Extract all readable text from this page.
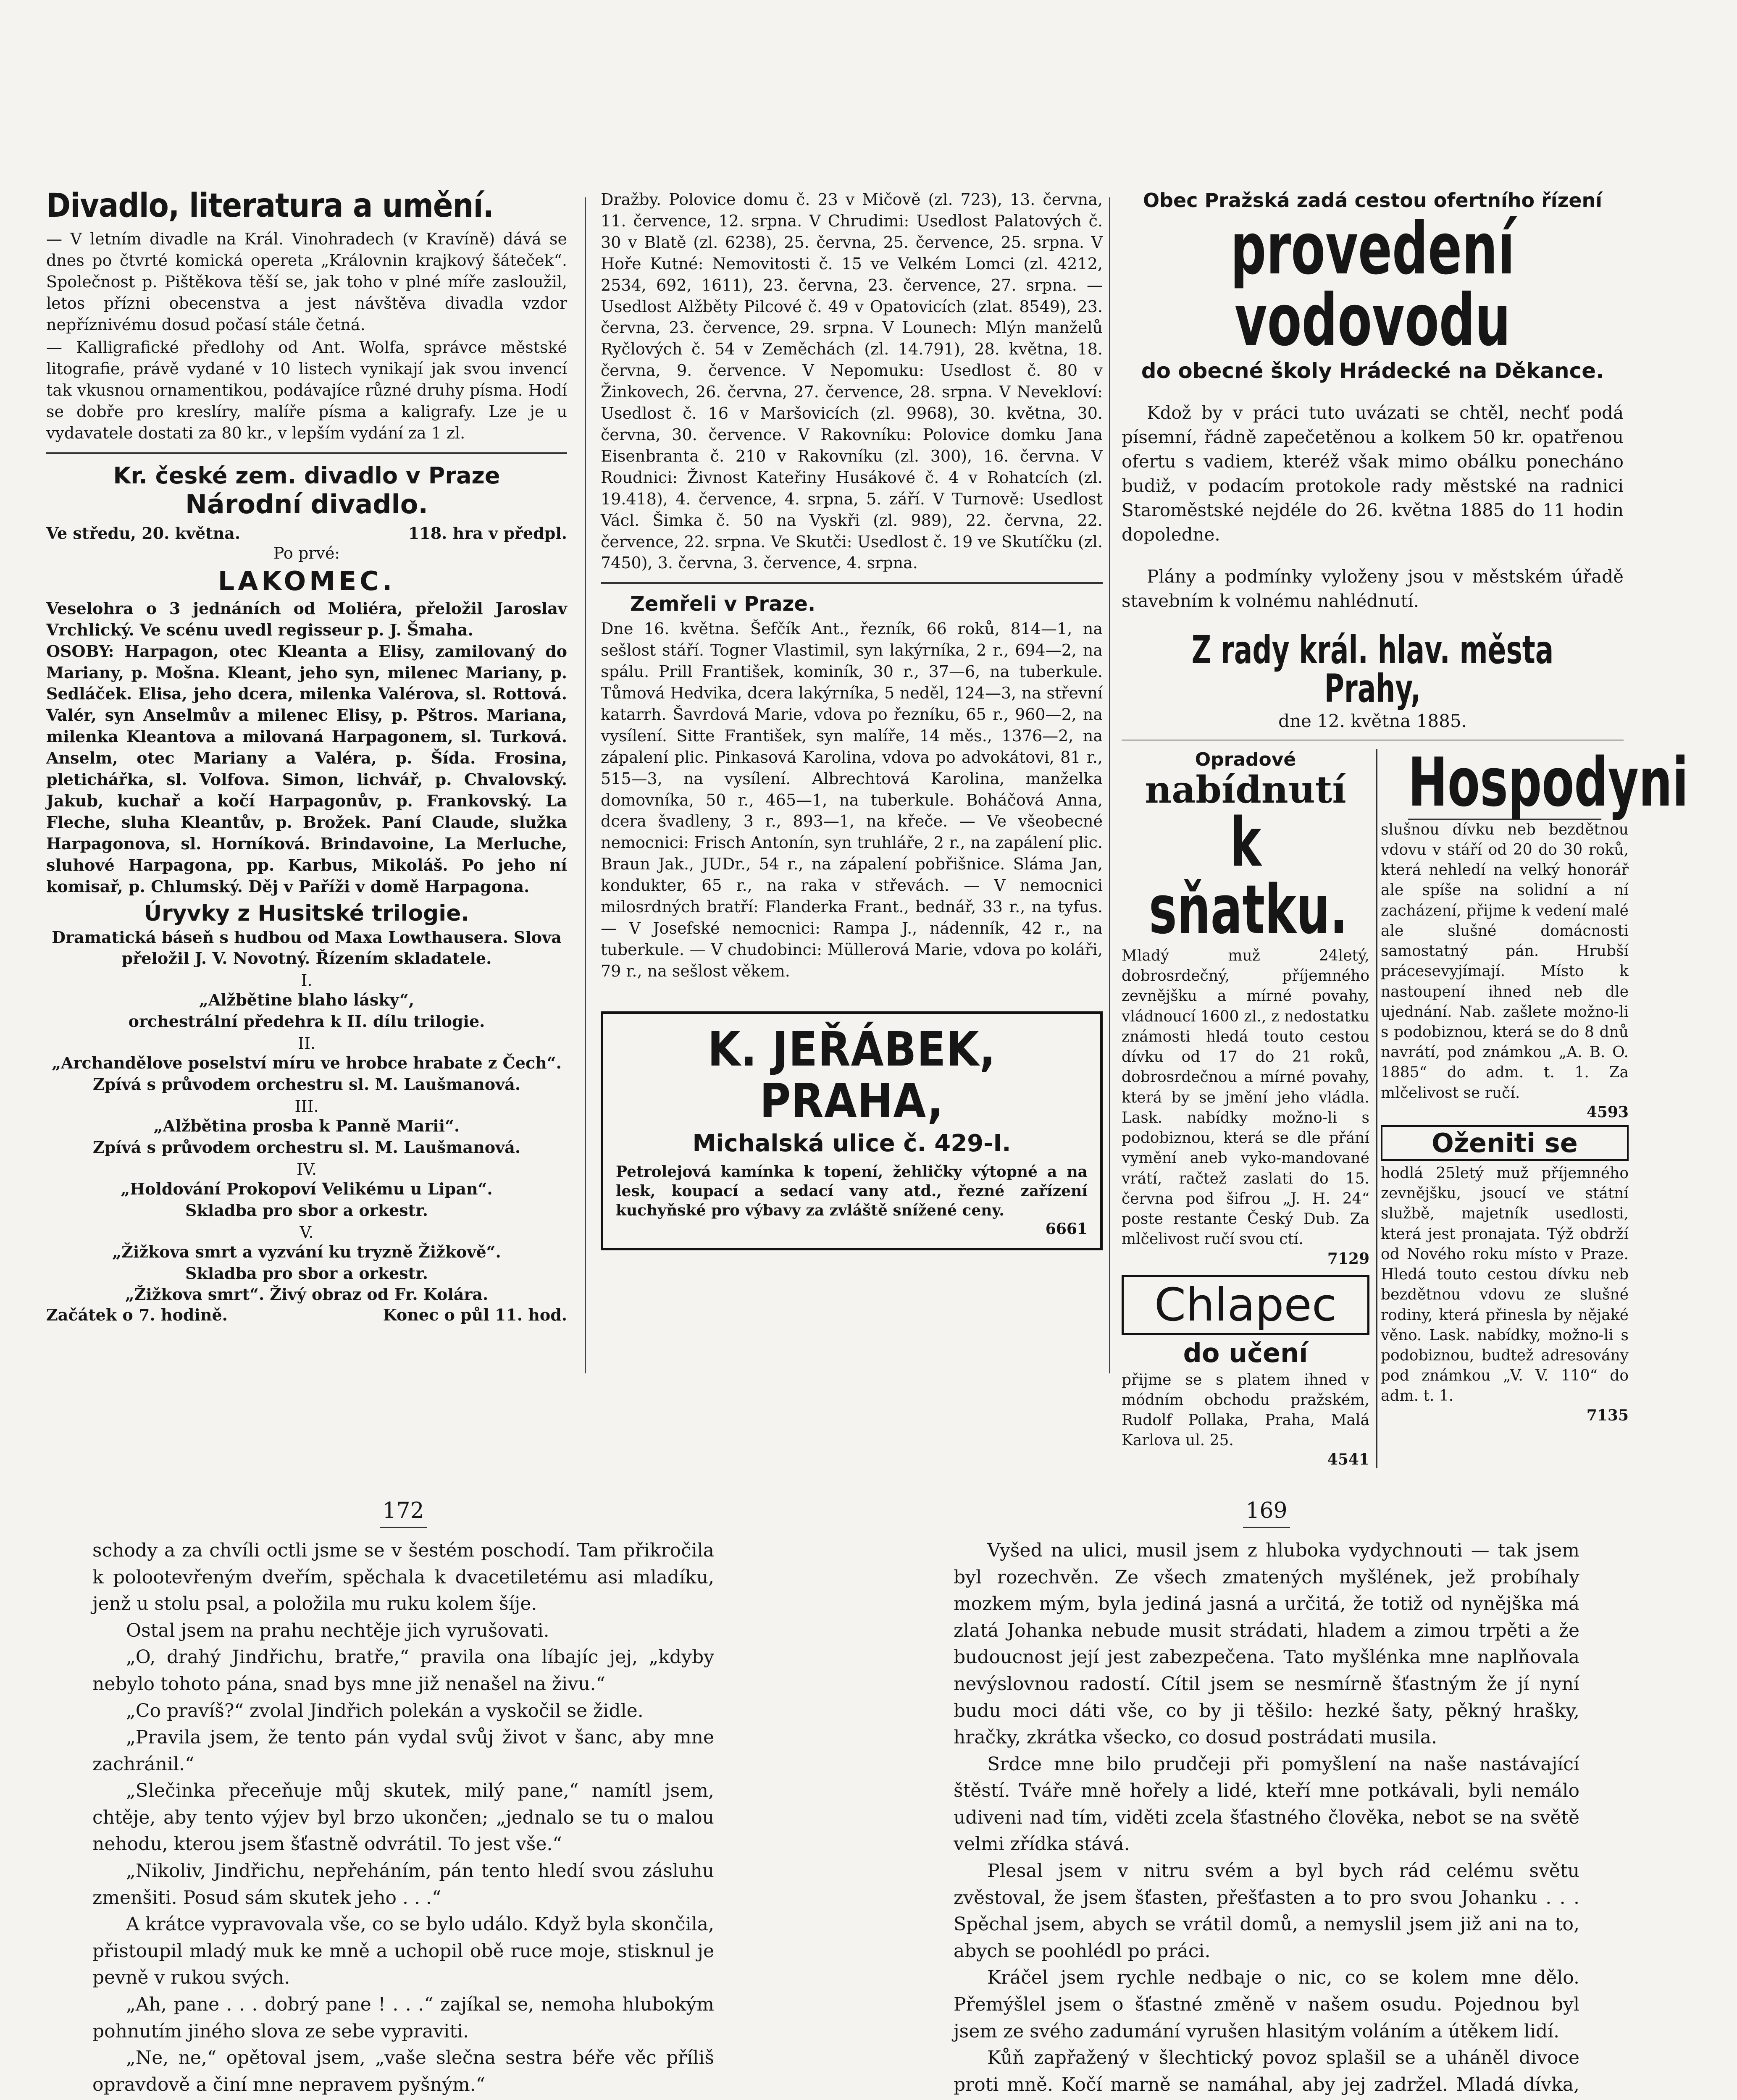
Divadlo, literatura a umění.

— V letním divadle na Král. Vinohradech (v Kravíně) dává se dnes po čtvrté komická opereta „Královnin krajkový šáteček“. Společnost p. Pištěkova těší se, jak toho v plné míře zasloužil, letos přízni obecenstva a jest návštěva divadla vzdor nepříznivému dosud počasí stále četná.

— Kalligrafické předlohy od Ant. Wolfa, správce městské litografie, právě vydané v 10 listech vynikají jak svou invencí tak vkusnou ornamentikou, podávajíce různé druhy písma. Hodí se dobře pro kreslíry, malíře písma a kaligrafy. Lze je u vydavatele dostati za 80 kr., v lepším vydání za 1 zl.

Kr. české zem. divadlo v Praze
Národní divadlo.
Ve středu, 20. května.	118. hra v předpl.
Po prvé:
LAKOMEC.
Veselohra o 3 jednáních od Moliéra, přeložil Jaroslav Vrchlický. Ve scénu uvedl regisseur p. J. Šmaha.
OSOBY: Harpagon, otec Kleanta a Elisy, zamilovaný do Mariany, p. Mošna. Kleant, jeho syn, milenec Mariany, p. Sedláček. Elisa, jeho dcera, milenka Valérova, sl. Rottová. Valér, syn Anselmův a milenec Elisy, p. Pštros. Mariana, milenka Kleantova a milovaná Harpagonem, sl. Turková. Anselm, otec Mariany a Valéra, p. Šída. Frosina, pletichářka, sl. Volfova. Simon, lichvář, p. Chvalovský. Jakub, kuchař a kočí Harpagonův, p. Frankovský. La Fleche, sluha Kleantův, p. Brožek. Paní Claude, služka Harpagonova, sl. Horníková. Brindavoine, La Merluche, sluhové Harpagona, pp. Karbus, Mikoláš. Po jeho ní komisař, p. Chlumský. Děj v Paříži v domě Harpagona.
Úryvky z Husitské trilogie.
Dramatická báseň s hudbou od Maxa Lowthausera. Slova přeložil J. V. Novotný. Řízením skladatele.
I.
„Alžbětine blaho lásky“,
orchestrální předehra k II. dílu trilogie.
II.
„Archandělove poselství míru ve hrobce hrabate z Čech“.
Zpívá s průvodem orchestru sl. M. Laušmanová.
III.
„Alžbětina prosba k Panně Marii“.
Zpívá s průvodem orchestru sl. M. Laušmanová.
IV.
„Holdování Prokopoví Velikému u Lipan“.
Skladba pro sbor a orkestr.
V.
„Žižkova smrt a vyzvání ku tryzně Žižkově“.
Skladba pro sbor a orkestr.
„Žižkova smrt“. Živý obraz od Fr. Kolára.
Začátek o 7. hodině.	Konec o půl 11. hod.
Dražby. Polovice domu č. 23 v Mičově (zl. 723), 13. června, 11. července, 12. srpna. V Chrudimi: Usedlost Palatových č. 30 v Blatě (zl. 6238), 25. června, 25. července, 25. srpna. V Hoře Kutné: Nemovitosti č. 15 ve Velkém Lomci (zl. 4212, 2534, 692, 1611), 23. června, 23. července, 27. srpna. — Usedlost Alžběty Pilcové č. 49 v Opatovicích (zlat. 8549), 23. června, 23. července, 29. srpna. V Lounech: Mlýn manželů Ryčlových č. 54 v Zeměchách (zl. 14.791), 28. května, 18. června, 9. července. V Nepomuku: Usedlost č. 80 v Žinkovech, 26. června, 27. července, 28. srpna. V Nevekloví: Usedlost č. 16 v Maršovicích (zl. 9968), 30. května, 30. června, 30. července. V Rakovníku: Polovice domku Jana Eisenbranta č. 210 v Rakovníku (zl. 300), 16. června. V Roudnici: Živnost Kateřiny Husákové č. 4 v Rohatcích (zl. 19.418), 4. července, 4. srpna, 5. září. V Turnově: Usedlost Václ. Šimka č. 50 na Vyskři (zl. 989), 22. června, 22. července, 22. srpna. Ve Skutči: Usedlost č. 19 ve Skutíčku (zl. 7450), 3. června, 3. července, 4. srpna.
Zemřeli v Praze.
Dne 16. května. Šefčík Ant., řezník, 66 roků, 814—1, na sešlost stáří. Togner Vlastimil, syn lakýrníka, 2 r., 694—2, na spálu. Prill František, kominík, 30 r., 37—6, na tuberkule. Tůmová Hedvika, dcera lakýrníka, 5 neděl, 124—3, na střevní katarrh. Šavrdová Marie, vdova po řezníku, 65 r., 960—2, na vysílení. Sitte František, syn malíře, 14 měs., 1376—2, na zápalení plic. Pinkasová Karolina, vdova po advokátovi, 81 r., 515—3, na vysílení. Albrechtová Karolina, manželka domovníka, 50 r., 465—1, na tuberkule. Boháčová Anna, dcera švadleny, 3 r., 893—1, na křeče. — Ve všeobecné nemocnici: Frisch Antonín, syn truhláře, 2 r., na zapálení plic. Braun Jak., JUDr., 54 r., na zápalení pobřišnice. Sláma Jan, kondukter, 65 r., na raka v střevách. — V nemocnici milosrdných bratří: Flanderka Frant., bednář, 33 r., na tyfus. — V Josefské nemocnici: Rampa J., nádenník, 42 r., na tuberkule. — V chudobinci: Müllerová Marie, vdova po koláři, 79 r., na sešlost věkem.
K. JEŘÁBEK, PRAHA,
Michalská ulice č. 429-I.
Petrolejová kamínka k topení, žehličky výtopné a na lesk, koupací a sedací vany atd., řezné zařízení kuchyňské pro výbavy za zvláště snížené ceny.
6661
Obec Pražská zadá cestou ofertního řízení
provedení vodovodu
do obecné školy Hrádecké na Děkance.

Kdož by v práci tuto uvázati se chtěl, nechť podá písemní, řádně zapečetěnou a kolkem 50 kr. opatřenou ofertu s vadiem, kteréž však mimo obálku ponecháno budiž, v podacím protokole rady městské na radnici Staroměstské nejdéle do 26. května 1885 do 11 hodin dopoledne.

Plány a podmínky vyloženy jsou v městském úřadě stavebním k volnému nahlédnutí.

Z rady král. hlav. města Prahy,
dne 12. května 1885.
Opradové
nabídnutí
k sňatku.
Mladý muž 24letý, dobrosrdečný, příjemného zevnějšku a mírné povahy, vládnoucí 1600 zl., z nedostatku známosti hledá touto cestou dívku od 17 do 21 roků, dobrosrdečnou a mírné povahy, která by se jmění jeho vládla. Lask. nabídky možno-li s podobiznou, která se dle přání vymění aneb vyko-mandované vrátí, račtež zaslati do 15. června pod šifrou „J. H. 24“ poste restante Český Dub. Za mlčelivost ručí svou ctí.
7129
Chlapec
do učení
přijme se s platem ihned v módním obchodu pražském, Rudolf Pollaka, Praha, Malá Karlova ul. 25.
4541
Hospodyni
slušnou dívku neb bezdětnou vdovu v stáří od 20 do 30 roků, která nehledí na velký honorář ale spíše na solidní a ní zacházení, přijme k vedení malé ale slušné domácnosti samostatný pán. Hrubší prácesevyjímají. Místo k nastoupení ihned neb dle ujednání. Nab. zašlete možno-li s podobiznou, která se do 8 dnů navrátí, pod známkou „A. B. O. 1885“ do adm. t. 1. Za mlčelivost se ručí.
4593
Oženiti se
hodlá 25letý muž příjemného zevnějšku, jsoucí ve státní službě, majetník usedlosti, která jest pronajata. Týž obdrží od Nového roku místo v Praze. Hledá touto cestou dívku neb bezdětnou vdovu ze slušné rodiny, která přinesla by nějaké věno. Lask. nabídky, možno-li s podobiznou, budtež adresovány pod známkou „V. V. 110“ do adm. t. 1.
7135
172

schody a za chvíli octli jsme se v šestém poschodí. Tam přikročila k polootevřeným dveřím, spěchala k dvacetiletému asi mladíku, jenž u stolu psal, a položila mu ruku kolem šíje.

Ostal jsem na prahu nechtěje jich vyrušovati.

„O, drahý Jindřichu, bratře,“ pravila ona líbajíc jej, „kdyby nebylo tohoto pána, snad bys mne již nenašel na živu.“

„Co pravíš?“ zvolal Jindřich polekán a vyskočil se židle.

„Pravila jsem, že tento pán vydal svůj život v šanc, aby mne zachránil.“

„Slečinka přeceňuje můj skutek, milý pane,“ namítl jsem, chtěje, aby tento výjev byl brzo ukončen; „jednalo se tu o malou nehodu, kterou jsem šťastně odvrátil. To jest vše.“

„Nikoliv, Jindřichu, nepřeháním, pán tento hledí svou zásluhu zmenšiti. Posud sám skutek jeho . . .“

A krátce vypravovala vše, co se bylo událo. Když byla skončila, přistoupil mladý muk ke mně a uchopil obě ruce moje, stisknul je pevně v rukou svých.

„Ah, pane . . . dobrý pane ! . . .“ zajíkal se, nemoha hlubokým pohnutím jiného slova ze sebe vypraviti.

„Ne, ne,“ opětoval jsem, „vaše slečna sestra béře věc příliš opravdově a činí mne nepravem pyšným.“

169

Vyšed na ulici, musil jsem z hluboka vydychnouti — tak jsem byl rozechvěn. Ze všech zmatených myšlének, jež probíhaly mozkem mým, byla jediná jasná a určitá, že totiž od nynějška má zlatá Johanka nebude musit strádati, hladem a zimou trpěti a že budoucnost její jest zabezpečena. Tato myšlénka mne naplňovala nevýslovnou radostí. Cítil jsem se nesmírně šťastným že jí nyní budu moci dáti vše, co by ji těšilo: hezké šaty, pěkný hrašky, hračky, zkrátka všecko, co dosud postrádati musila.

Srdce mne bilo prudčeji při pomyšlení na naše nastávající štěstí. Tváře mně hořely a lidé, kteří mne potkávali, byli nemálo udiveni nad tím, viděti zcela šťastného člověka, nebot se na světě velmi zřídka stává.

Plesal jsem v nitru svém a byl bych rád celému světu zvěstoval, že jsem šťasten, přešťasten a to pro svou Johanku . . . Spěchal jsem, abych se vrátil domů, a nemyslil jsem již ani na to, abych se poohlédl po práci.

Kráčel jsem rychle nedbaje o nic, co se kolem mne dělo. Přemýšlel jsem o šťastné změně v našem osudu. Pojednou byl jsem ze svého zadumání vyrušen hlasitým voláním a útěkem lidí.

Kůň zapřažený v šlechtický povoz splašil se a uháněl divoce proti mně. Kočí marně se namáhal, aby jej zadržel. Mladá dívka,
